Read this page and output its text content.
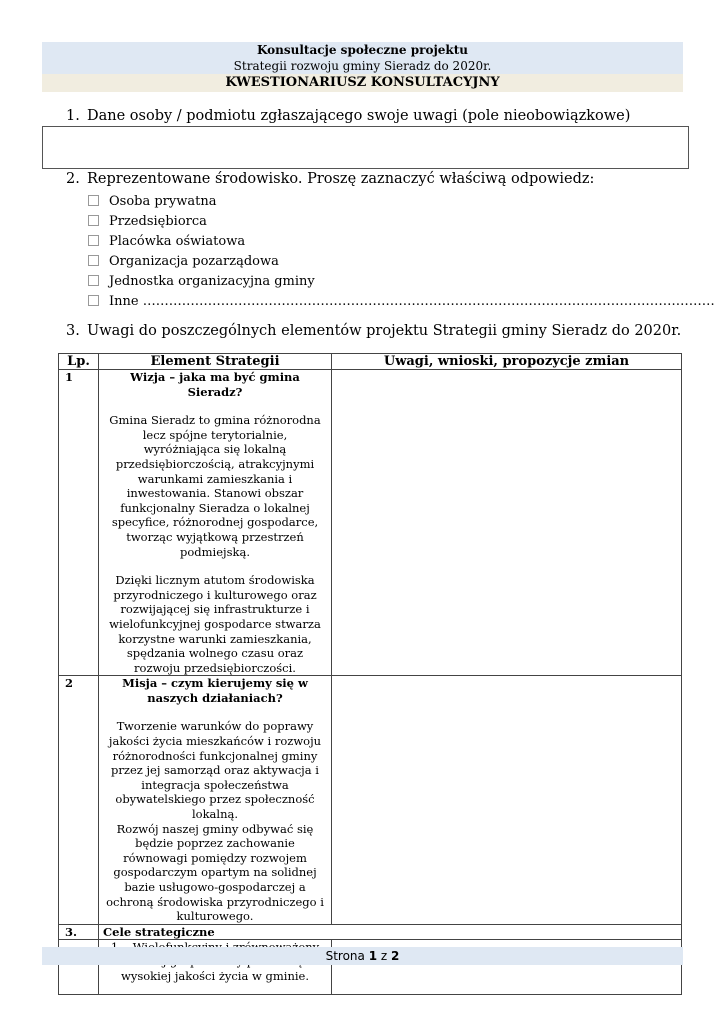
Konsultacje społeczne projektu
Strategii rozwoju gminy Sieradz do 2020r.
KWESTIONARIUSZ KONSULTACYJNY
1. Dane osoby / podmiotu zgłaszającego swoje uwagi (pole nieobowiązkowe)
2. Reprezentowane środowisko. Proszę zaznaczyć właściwą odpowiedz:
Osoba prywatna
Przedsiębiorca
Placówka oświatowa
Organizacja pozarządowa
Jednostka organizacyjna gminy
Inne ……………………………………………………………………………………………………………………
3. Uwagi do poszczególnych elementów projektu Strategii gminy Sieradz do 2020r.
Lp.	Element Strategii	Uwagi, wnioski, propozycje zmian
1	Wizja – jaka ma być gmina Sieradz?
Gmina Sieradz to gmina różnorodna lecz spójne terytorialnie, wyróżniająca się lokalną przedsiębiorczością, atrakcyjnymi warunkami zamieszkania i inwestowania. Stanowi obszar funkcjonalny Sieradza o lokalnej specyfice, różnorodnej gospodarce, tworząc wyjątkową przestrzeń podmiejską.
Dzięki licznym atutom środowiska przyrodniczego i kulturowego oraz rozwijającej się infrastrukturze i wielofunkcyjnej gospodarce stwarza korzystne warunki zamieszkania, spędzania wolnego czasu oraz rozwoju przedsiębiorczości.	

2	Misja – czym kierujemy się w naszych działaniach?
Tworzenie warunków do poprawy jakości życia mieszkańców i rozwoju różnorodności funkcjonalnej gminy przez jej samorząd oraz aktywacja i integracja społeczeństwa obywatelskiego przez społeczność lokalną.
Rozwój naszej gminy odbywać się będzie poprzez zachowanie równowagi pomiędzy rozwojem gospodarczym opartym na solidnej bazie usługowo-gospodarczej a ochroną środowiska przyrodniczego i kulturowego.	

3.	Cele strategiczne	
	wysokiej jakości życia w gminie.	
Strona 1 z 2
